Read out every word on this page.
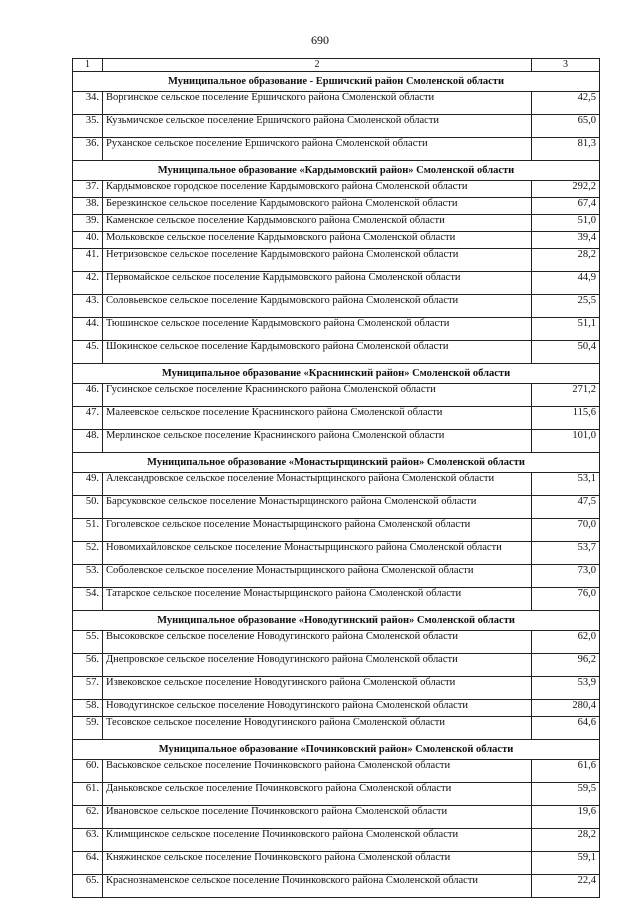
690
1	2	3
Муниципальное образование - Ершичский район Смоленской области		
34.	Воргинское сельское поселение Ершичского района Смоленской области	42,5
35.	Кузьмичское сельское поселение Ершичского района Смоленской области	65,0
36.	Руханское сельское поселение Ершичского района Смоленской области	81,3
Муниципальное образование «Кардымовский район» Смоленской области		
37.	Кардымовское городское поселение Кардымовского района Смоленской области	292,2
38.	Березкинское сельское поселение Кардымовского района Смоленской области	67,4
39.	Каменское сельское поселение Кардымовского района Смоленской области	51,0
40.	Мольковское сельское поселение Кардымовского района Смоленской области	39,4
41.	Нетризовское сельское поселение Кардымовского района Смоленской области	28,2
42.	Первомайское сельское поселение Кардымовского района Смоленской области	44,9
43.	Соловьевское сельское поселение Кардымовского района Смоленской области	25,5
44.	Тюшинское сельское поселение Кардымовского района Смоленской области	51,1
45.	Шокинское сельское поселение Кардымовского района Смоленской области	50,4
Муниципальное образование «Краснинский район» Смоленской области		
46.	Гусинское сельское поселение Краснинского района Смоленской области	271,2
47.	Малеевское сельское поселение Краснинского района Смоленской области	115,6
48.	Мерлинское сельское поселение Краснинского района Смоленской области	101,0
Муниципальное образование «Монастырщинский район» Смоленской области		
49.	Александровское сельское поселение Монастырщинского района Смоленской области	53,1
50.	Барсуковское сельское поселение Монастырщинского района Смоленской области	47,5
51.	Гоголевское сельское поселение Монастырщинского района Смоленской области	70,0
52.	Новомихайловское сельское поселение Монастырщинского района Смоленской области	53,7
53.	Соболевское сельское поселение Монастырщинского района Смоленской области	73,0
54.	Татарское сельское поселение Монастырщинского района Смоленской области	76,0
Муниципальное образование «Новодугинский район» Смоленской области		
55.	Высоковское сельское поселение Новодугинского района Смоленской области	62,0
56.	Днепровское сельское поселение Новодугинского района Смоленской области	96,2
57.	Извековское сельское поселение Новодугинского района Смоленской области	53,9
58.	Новодугинское сельское поселение Новодугинского района Смоленской области	280,4
59.	Тесовское сельское поселение Новодугинского района Смоленской области	64,6
Муниципальное образование «Починковский район» Смоленской области		
60.	Васьковское сельское поселение Починковского района Смоленской области	61,6
61.	Даньковское сельское поселение Починковского района Смоленской области	59,5
62.	Ивановское сельское поселение Починковского района Смоленской области	19,6
63.	Климщинское сельское поселение Починковского района Смоленской области	28,2
64.	Княжинское сельское поселение Починковского района Смоленской области	59,1
65.	Краснознаменское сельское поселение Починковского района Смоленской области	22,4
